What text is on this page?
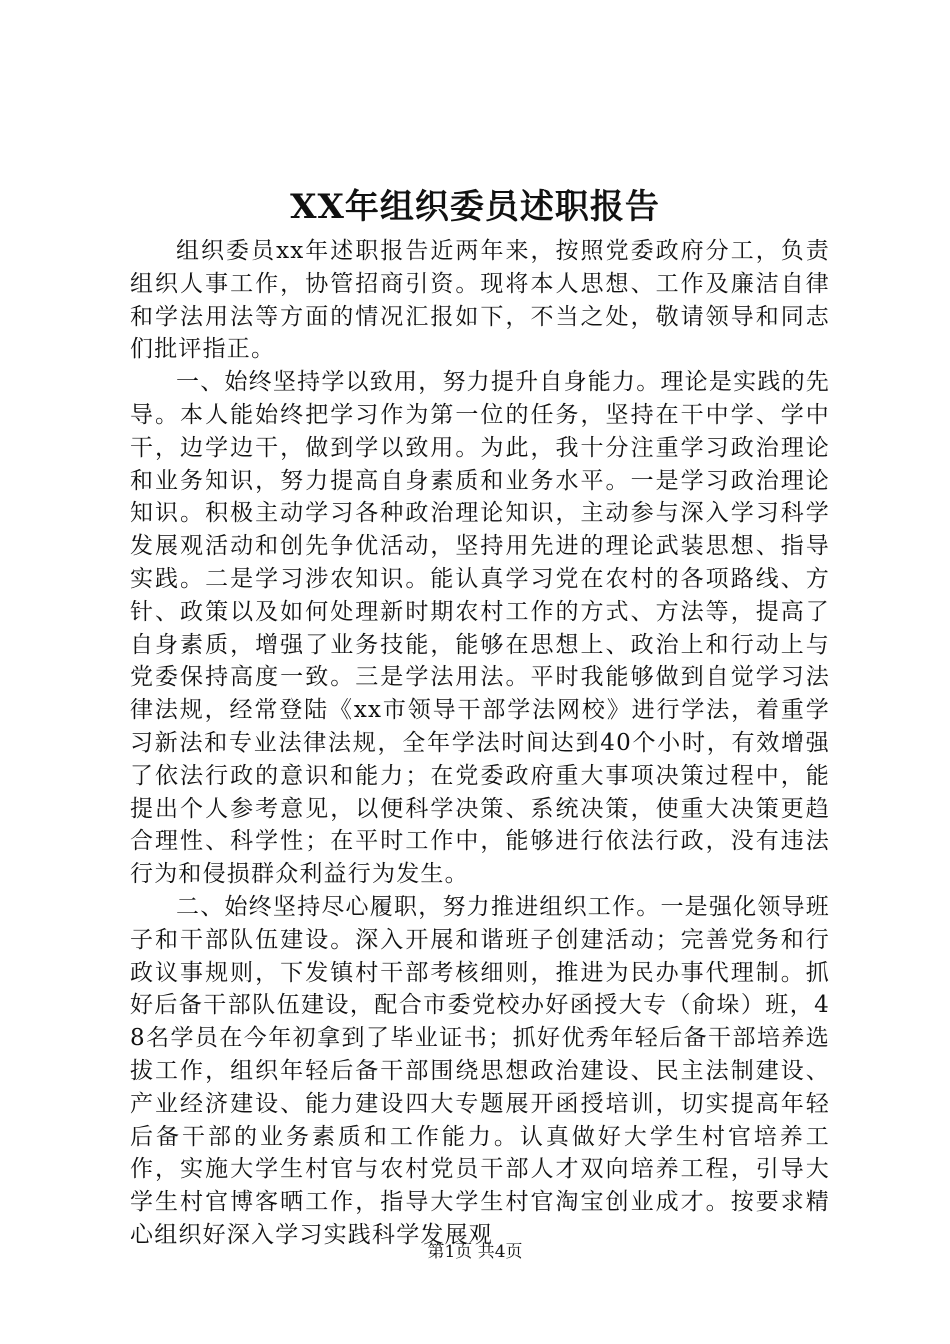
XX年组织委员述职报告

组织委员xx年述职报告近两年来，按照党委政府分工，负责组织人事工作，协管招商引资。现将本人思想、工作及廉洁自律和学法用法等方面的情况汇报如下，不当之处，敬请领导和同志们批评指正。

一、始终坚持学以致用，努力提升自身能力。理论是实践的先导。本人能始终把学习作为第一位的任务，坚持在干中学、学中干，边学边干，做到学以致用。为此，我十分注重学习政治理论和业务知识，努力提高自身素质和业务水平。一是学习政治理论知识。积极主动学习各种政治理论知识，主动参与深入学习科学发展观活动和创先争优活动，坚持用先进的理论武装思想、指导实践。二是学习涉农知识。能认真学习党在农村的各项路线、方针、政策以及如何处理新时期农村工作的方式、方法等，提高了自身素质，增强了业务技能，能够在思想上、政治上和行动上与党委保持高度一致。三是学法用法。平时我能够做到自觉学习法律法规，经常登陆《xx市领导干部学法网校》进行学法，着重学习新法和专业法律法规，全年学法时间达到40个小时，有效增强了依法行政的意识和能力；在党委政府重大事项决策过程中，能提出个人参考意见，以便科学决策、系统决策，使重大决策更趋合理性、科学性；在平时工作中，能够进行依法行政，没有违法行为和侵损群众利益行为发生。

二、始终坚持尽心履职，努力推进组织工作。一是强化领导班子和干部队伍建设。深入开展和谐班子创建活动；完善党务和行政议事规则，下发镇村干部考核细则，推进为民办事代理制。抓好后备干部队伍建设，配合市委党校办好函授大专（俞垛）班，48名学员在今年初拿到了毕业证书；抓好优秀年轻后备干部培养选拔工作，组织年轻后备干部围绕思想政治建设、民主法制建设、产业经济建设、能力建设四大专题展开函授培训，切实提高年轻后备干部的业务素质和工作能力。认真做好大学生村官培养工作，实施大学生村官与农村党员干部人才双向培养工程，引导大学生村官博客晒工作，指导大学生村官淘宝创业成才。按要求精心组织好深入学习实践科学发展观

第1页 共4页
